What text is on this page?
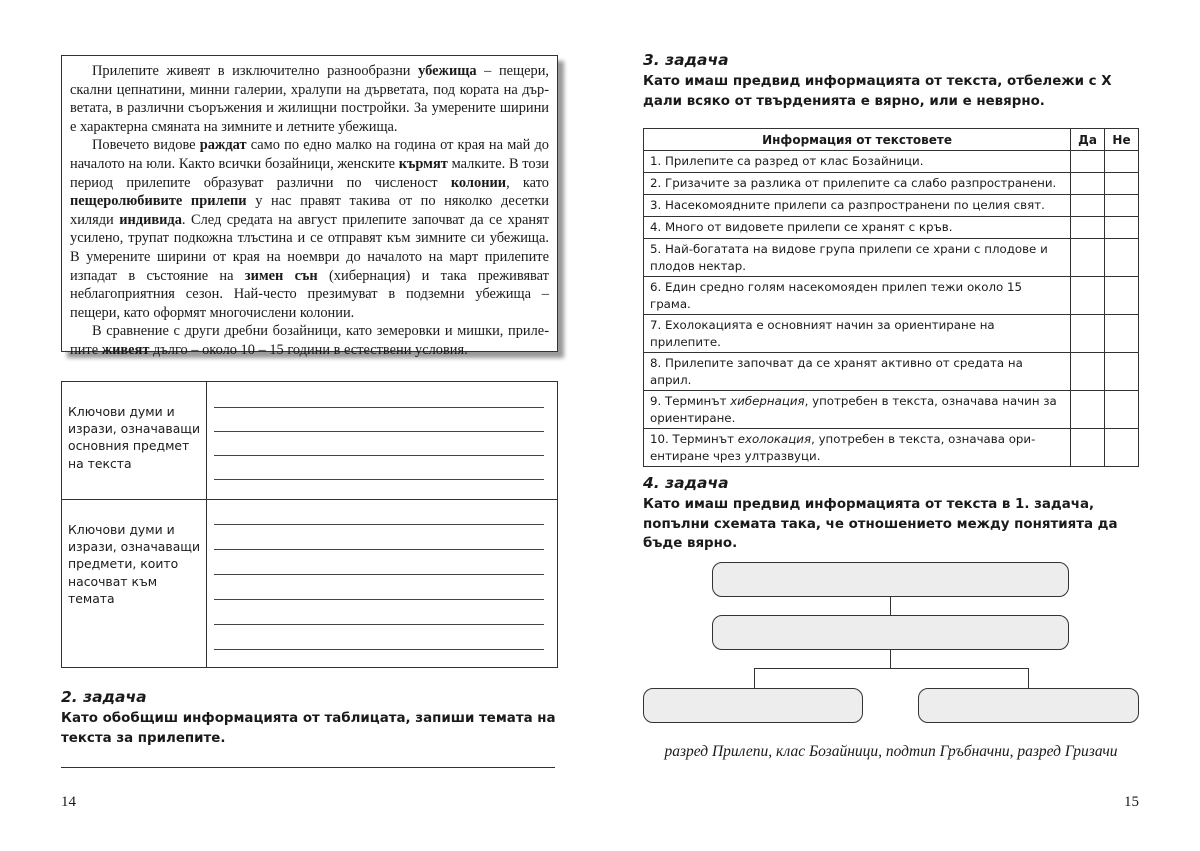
Прилепите живеят в изключително разнообразни убежища – пещери, скални цепнатини, минни галерии, хралупи на дърветата, под кората на дърветата, в различни съоръжения и жилищни постройки. За умерените ширини е характерна смяната на зимните и летните убежища.

Повечето видове раждат само по едно малко на година от края на май до началото на юли. Както всички бозайници, женските кърмят малките. В този период прилепите образуват различни по численост колонии, като пещеролюбивите прилепи у нас правят такива от по няколко десетки хиляди индивида. След средата на август прилепите започват да се хранят усилено, трупат подкожна тлъстина и се отправят към зимните си убежища. В умерените ширини от края на ноември до началото на март прилепите изпадат в състояние на зимен сън (хибернация) и така преживяват неблагоприятния сезон. Най-често презимуват в подземни убежища – пещери, като оформят многочислени колонии.

В сравнение с други дребни бозайници, като земеровки и мишки, прилeпите живеят дълго – около 10 – 15 години в естествени условия.

Ключови думи и изрази, означаващи основния предмет на текста
Ключови думи и изрази, означаващи предмети, които насочват към темата
2. задача
Като обобщиш информацията от таблицата, запиши темата на текста за прилепите.
14
3. задача
Като имаш предвид информацията от текста, отбележи с Х дали всяко от твърденията е вярно, или е невярно.
Информация от текстовете	Да	Не
1. Прилепите са разред от клас Бозайници.		
2. Гризачите за разлика от прилепите са слабо разпространени.		
3. Насекомоядните прилепи са разпространени по целия свят.		
4. Много от видовете прилепи се хранят с кръв.		
5. Най-богатата на видове група прилепи се храни с плодове и плодов нектар.		
6. Един средно голям насекомояден прилеп тежи около 15 грама.		
7. Ехолокацията е основният начин за ориентиране на прилепите.		
8. Прилепите започват да се хранят активно от средата на април.		
9. Терминът хибернация, употребен в текста, означава начин за ориентиране.		
10. Терминът ехолокация, употребен в текста, означава ориентиране чрез ултразвуци.		
4. задача
Като имаш предвид информацията от текста в 1. задача, попълни схемата така, че отношението между понятията да бъде вярно.
разред Прилепи, клас Бозайници, подтип Гръбначни, разред Гризачи
15
